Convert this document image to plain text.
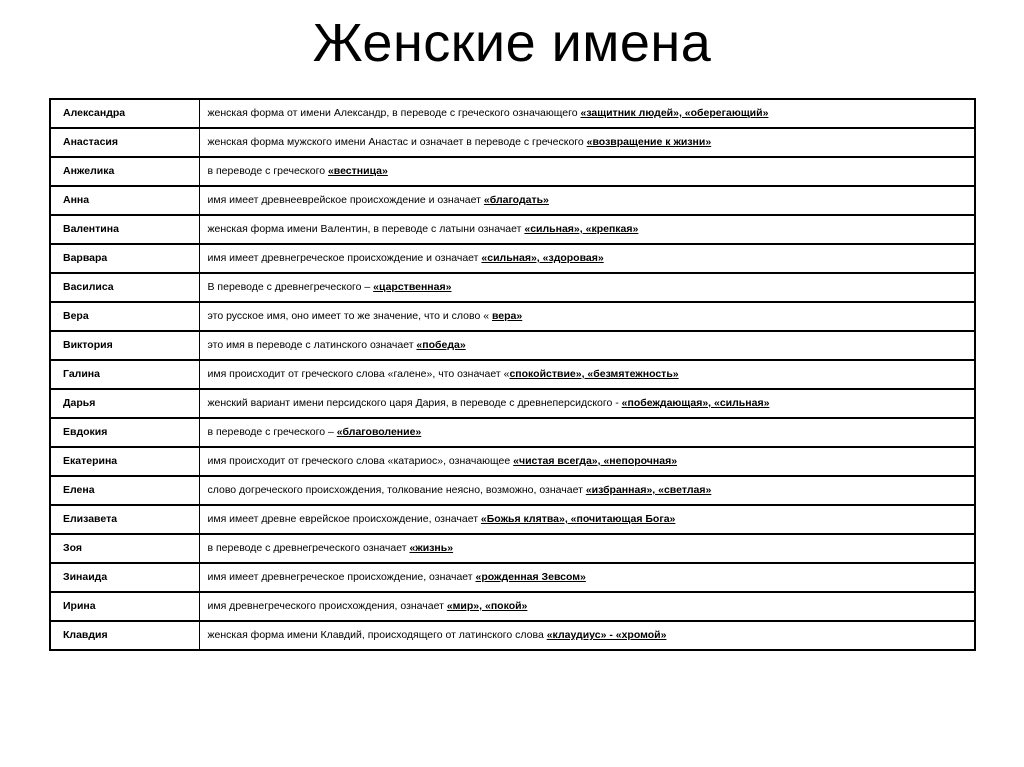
Женские имена
Александра	женская форма от имени Александр, в переводе с греческого означающего «защитник людей», «оберегающий»
Анастасия	женская форма мужского имени Анастас и означает в переводе с греческого «возвращение к жизни»
Анжелика	в переводе с греческого «вестница»
Анна	имя имеет древнееврейское происхождение и означает «благодать»
Валентина	женская форма имени Валентин, в переводе с латыни означает «сильная», «крепкая»
Варвара	имя имеет древнегреческое происхождение и означает «сильная», «здоровая»
Василиса	В переводе с древнегреческого – «царственная»
Вера	это русское имя, оно имеет то же значение, что и слово « вера»
Виктория	это имя в переводе с латинского означает «победа»
Галина	имя происходит от греческого слова «галене», что означает «спокойствие», «безмятежность»
Дарья	женский вариант имени персидского царя Дария, в переводе с древнеперсидского - «побеждающая», «сильная»
Евдокия	в переводе с греческого – «благоволение»
Екатерина	имя происходит от греческого слова «катариос», означающее «чистая всегда», «непорочная»
Елена	слово догреческого происхождения, толкование неясно, возможно, означает «избранная», «светлая»
Елизавета	имя имеет древне еврейское происхождение, означает «Божья клятва», «почитающая Бога»
Зоя	в переводе с древнегреческого означает «жизнь»
Зинаида	имя имеет древнегреческое происхождение, означает «рожденная Зевсом»
Ирина	имя древнегреческого происхождения, означает «мир», «покой»
Клавдия	женская форма имени Клавдий, происходящего от латинского слова «клаудиус» - «хромой»
